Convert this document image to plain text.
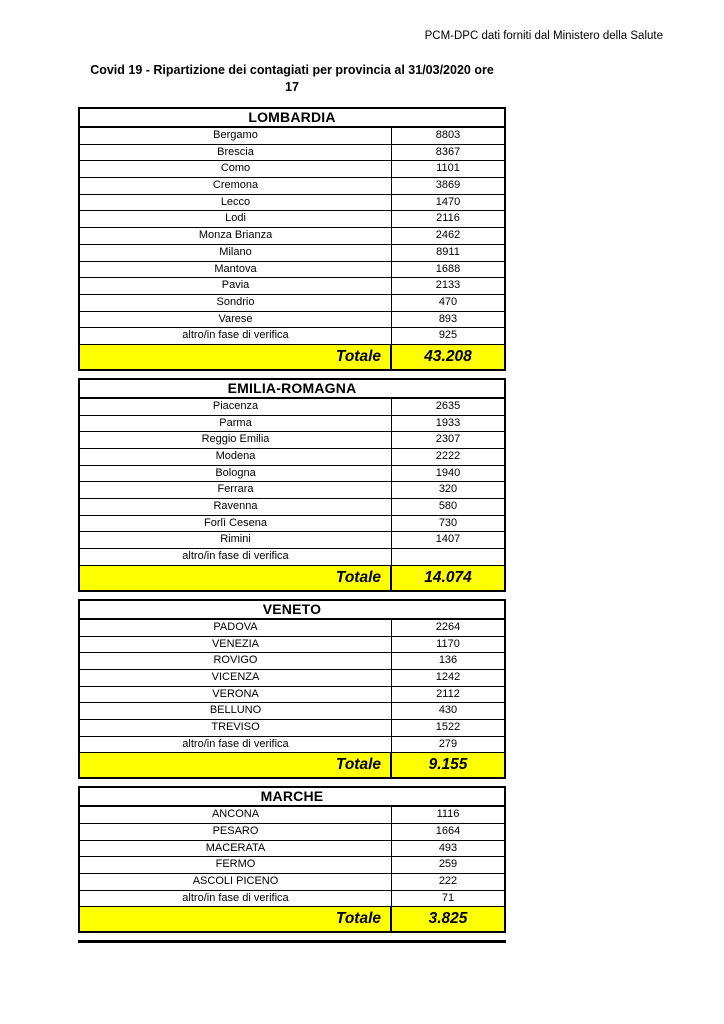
PCM-DPC dati forniti dal Ministero della Salute
Covid 19 - Ripartizione dei contagiati per provincia al 31/03/2020 ore
17
LOMBARDIA
Bergamo	8803
Brescia	8367
Como	1101
Cremona	3869
Lecco	1470
Lodi	2116
Monza Brianza	2462
Milano	8911
Mantova	1688
Pavia	2133
Sondrio	470
Varese	893
altro/in fase di verifica	925
Totale	43.208
EMILIA-ROMAGNA
Piacenza	2635
Parma	1933
Reggio Emilia	2307
Modena	2222
Bologna	1940
Ferrara	320
Ravenna	580
Forlì Cesena	730
Rimini	1407
altro/in fase di verifica
Totale	14.074
VENETO
PADOVA	2264
VENEZIA	1170
ROVIGO	136
VICENZA	1242
VERONA	2112
BELLUNO	430
TREVISO	1522
altro/in fase di verifica	279
Totale	9.155
MARCHE
ANCONA	1116
PESARO	1664
MACERATA	493
FERMO	259
ASCOLI PICENO	222
altro/in fase di verifica	71
Totale	3.825
